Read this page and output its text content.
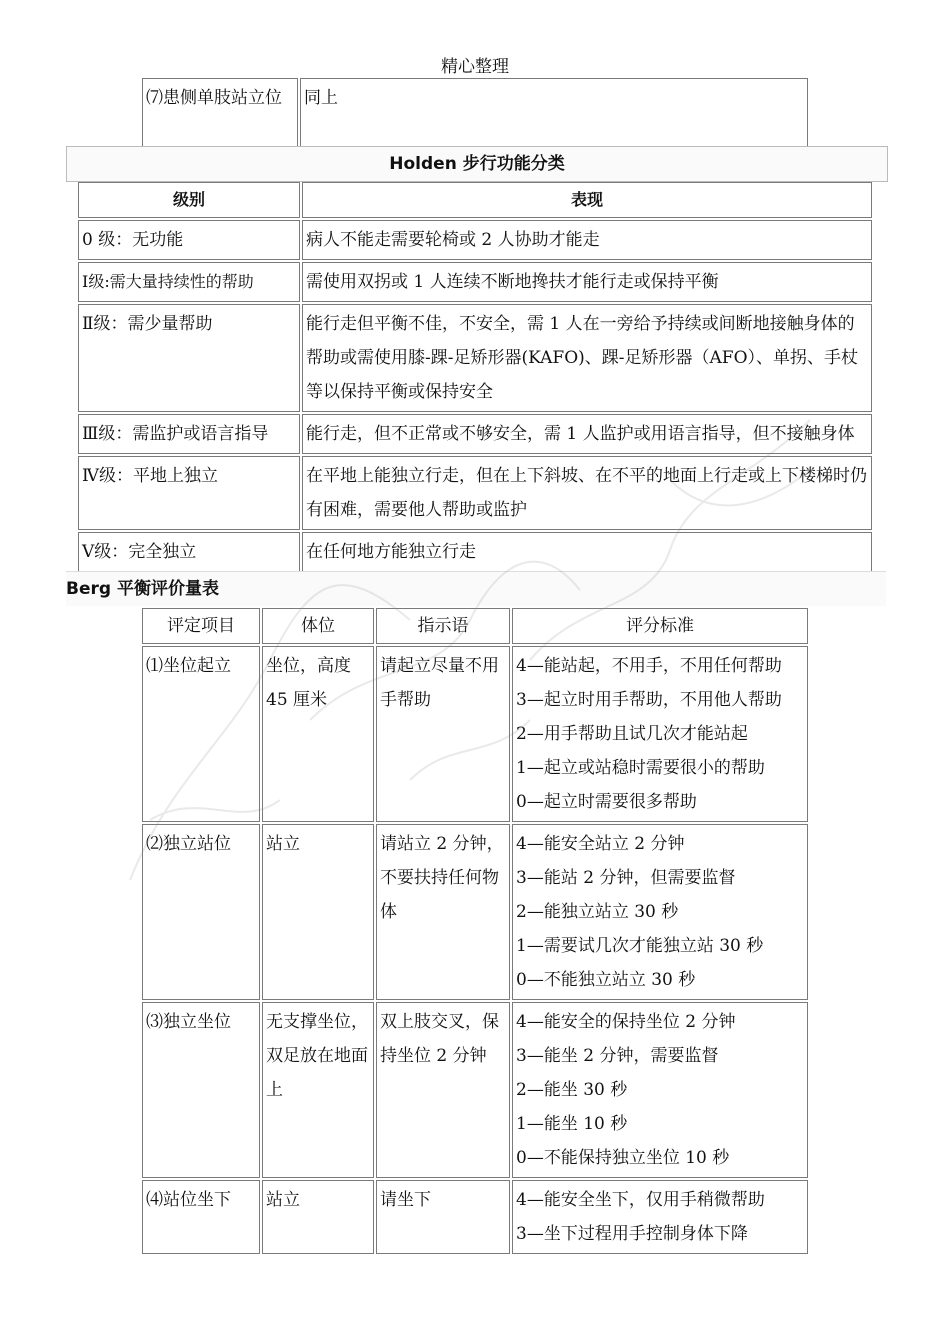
精心整理
⑺患侧单肢站立位	同上
Holden 步行功能分类
级别	表现
0 级：无功能	病人不能走需要轮椅或 2 人协助才能走
Ⅰ级:需大量持续性的帮助	需使用双拐或 1 人连续不断地搀扶才能行走或保持平衡
Ⅱ级：需少量帮助	能行走但平衡不佳，不安全，需 1 人在一旁给予持续或间断地接触身体的帮助或需使用膝-踝-足矫形器(KAFO)、踝-足矫形器（AFO）、单拐、手杖等以保持平衡或保持安全
Ⅲ级：需监护或语言指导	能行走，但不正常或不够安全，需 1 人监护或用语言指导，但不接触身体
Ⅳ级：平地上独立	在平地上能独立行走，但在上下斜坡、在不平的地面上行走或上下楼梯时仍有困难，需要他人帮助或监护
Ⅴ级：完全独立	在任何地方能独立行走
Berg 平衡评价量表
评定项目	体位	指示语	评分标准
⑴坐位起立	坐位，高度 45 厘米	请起立尽量不用手帮助	4—能站起，不用手，不用任何帮助
3—起立时用手帮助，不用他人帮助
2—用手帮助且试几次才能站起
1—起立或站稳时需要很小的帮助
0—起立时需要很多帮助

⑵独立站位	站立	请站立 2 分钟，不要扶持任何物体	4—能安全站立 2 分钟
3—能站 2 分钟，但需要监督
2—能独立站立 30 秒
1—需要试几次才能独立站 30 秒
0—不能独立站立 30 秒

⑶独立坐位	无支撑坐位，双足放在地面上	双上肢交叉，保持坐位 2 分钟	4—能安全的保持坐位 2 分钟
3—能坐 2 分钟，需要监督
2—能坐 30 秒
1—能坐 10 秒
0—不能保持独立坐位 10 秒

⑷站位坐下	站立	请坐下	4—能安全坐下，仅用手稍微帮助
3—坐下过程用手控制身体下降
